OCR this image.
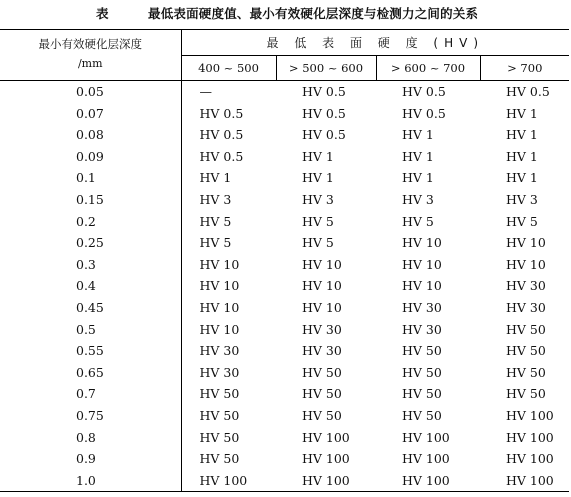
表	最低表面硬度值、最小有效硬化层深度与检测力之间的关系
最小有效硬化层深度
/mm	最 低 表 面 硬 度 (HV)			
	400 ~ 500	> 500 ~ 600	> 600 ~ 700	> 700
0.05	—	HV 0.5	HV 0.5	HV 0.5
0.07	HV 0.5	HV 0.5	HV 0.5	HV 1
0.08	HV 0.5	HV 0.5	HV 1	HV 1
0.09	HV 0.5	HV 1	HV 1	HV 1
0.1	HV 1	HV 1	HV 1	HV 1
0.15	HV 3	HV 3	HV 3	HV 3
0.2	HV 5	HV 5	HV 5	HV 5
0.25	HV 5	HV 5	HV 10	HV 10
0.3	HV 10	HV 10	HV 10	HV 10
0.4	HV 10	HV 10	HV 10	HV 30
0.45	HV 10	HV 10	HV 30	HV 30
0.5	HV 10	HV 30	HV 30	HV 50
0.55	HV 30	HV 30	HV 50	HV 50
0.65	HV 30	HV 50	HV 50	HV 50
0.7	HV 50	HV 50	HV 50	HV 50
0.75	HV 50	HV 50	HV 50	HV 100
0.8	HV 50	HV 100	HV 100	HV 100
0.9	HV 50	HV 100	HV 100	HV 100
1.0	HV 100	HV 100	HV 100	HV 100
